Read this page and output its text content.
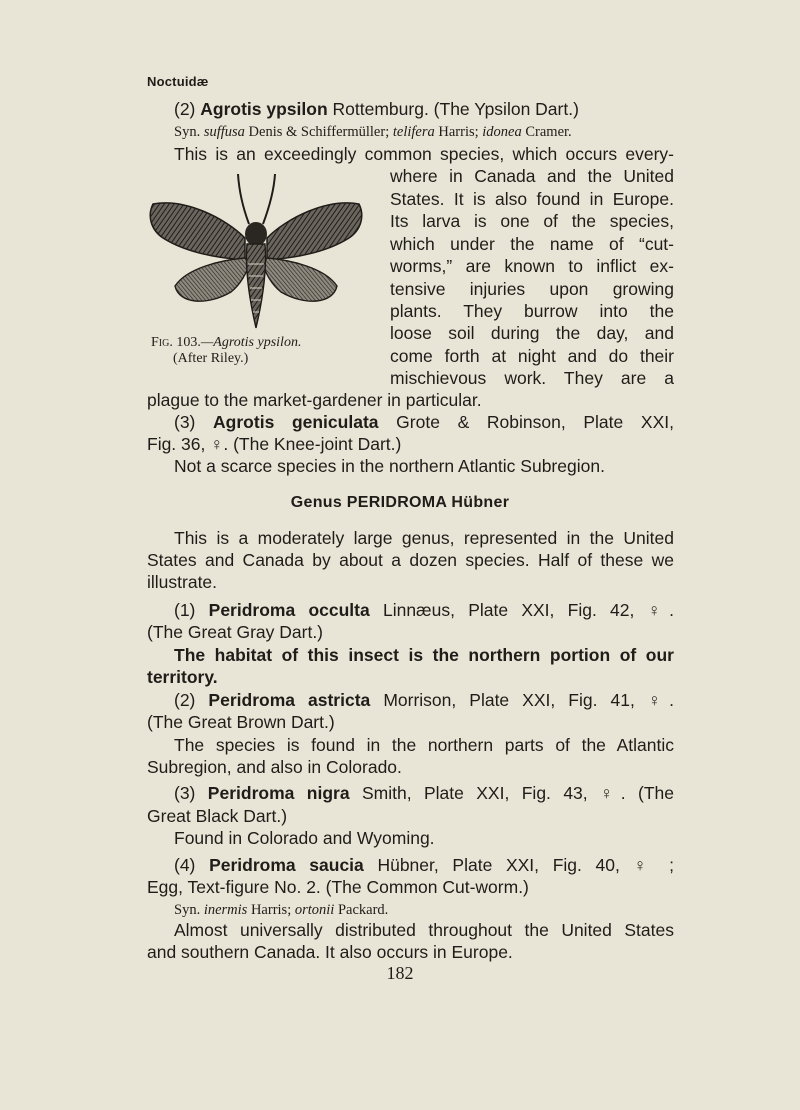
Noctuidæ
(2) Agrotis ypsilon Rottemburg. (The Ypsilon Dart.)
Syn. suffusa Denis & Schiffermüller; telifera Harris; idonea Cramer.
This is an exceedingly common species, which occurs every-
where in Canada and the United
States. It is also found in Europe.
Its larva is one of the species,
which under the name of “cut-
worms,” are known to inflict ex-
tensive injuries upon growing
plants. They burrow into the
loose soil during the day, and
come forth at night and do their
mischievous work. They are a
plague to the market-gardener in particular.
Fig. 103.—Agrotis ypsilon.
(After Riley.)
(3) Agrotis geniculata Grote & Robinson, Plate XXI,
Fig. 36, ♀. (The Knee-joint Dart.)
Not a scarce species in the northern Atlantic Subregion.
Genus PERIDROMA Hübner
This is a moderately large genus, represented in the United
States and Canada by about a dozen species. Half of these we
illustrate.
(1) Peridroma occulta Linnæus, Plate XXI, Fig. 42, ♀.
(The Great Gray Dart.)
The habitat of this insect is the northern portion of our
territory.
(2) Peridroma astricta Morrison, Plate XXI, Fig. 41, ♀.
(The Great Brown Dart.)
The species is found in the northern parts of the Atlantic
Subregion, and also in Colorado.
(3) Peridroma nigra Smith, Plate XXI, Fig. 43, ♀. (The
Great Black Dart.)
Found in Colorado and Wyoming.
(4) Peridroma saucia Hübner, Plate XXI, Fig. 40, ♀ ;
Egg, Text-figure No. 2. (The Common Cut-worm.)
Syn. inermis Harris; ortonii Packard.
Almost universally distributed throughout the United States
and southern Canada. It also occurs in Europe.
182
